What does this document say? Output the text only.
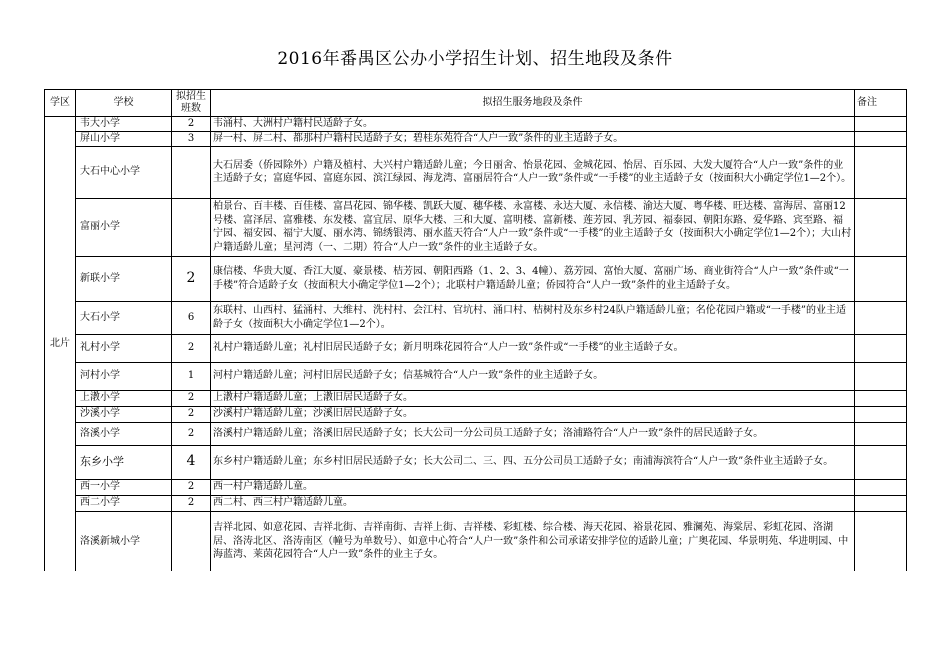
2016年番禺区公办小学招生计划、招生地段及条件
学区	学校	拟招生班数	拟招生服务地段及条件	备注
北片	韦大小学	2	韦涌村、大洲村户籍村民适龄子女。	
	屏山小学	3	屏一村、屏二村、都那村户籍村民适龄子女；碧桂东苑符合“人户一致”条件的业主适龄子女。	
	大石中心小学		大石居委（侨园除外）户籍及植村、大兴村户籍适龄儿童；今日丽舍、怡景花园、金城花园、怡居、百乐园、大发大厦符合“人户一致”条件的业主适龄子女；富庭华园、富庭东园、滨江绿园、海龙湾、富丽居符合“人户一致”条件或“一手楼”的业主适龄子女（按面积大小确定学位1—2个）。	
	富丽小学		柏景台、百丰楼、百佳楼、富昌花园、锦华楼、凯跃大厦、穗华楼、永富楼、永达大厦、永信楼、渝达大厦、粤华楼、旺达楼、富海居、富丽12号楼、富泽居、富雅楼、东发楼、富宜居、原华大楼、三和大厦、富明楼、富新楼、莲芳园、乳芳园、福泰园、朝阳东路、爱华路、宾至路、福宁园、福安园、福宁大厦、丽水湾、锦绣银湾、丽水蓝天符合“人户一致”条件或“一手楼”的业主适龄子女（按面积大小确定学位1—2个）；大山村户籍适龄儿童；星河湾（一、二期）符合“人户一致”条件的业主适龄子女。	
	新联小学	2	康信楼、华贵大厦、香江大厦、豪景楼、桔芳园、朝阳西路（1、2、3、4幢）、荔芳园、富怡大厦、富丽广场、商业街符合“人户一致”条件或“一手楼”符合适龄子女（按面积大小确定学位1—2个）；北联村户籍适龄儿童；侨园符合“人户一致”条件的业主适龄子女。	
	大石小学	6	东联村、山西村、猛涌村、大维村、洗村村、会江村、官坑村、涌口村、桔树村及东乡村24队户籍适龄儿童；名伦花园户籍或“一手楼”的业主适龄子女（按面积大小确定学位1—2个）。	
	礼村小学	2	礼村户籍适龄儿童；礼村旧居民适龄子女；新月明珠花园符合“人户一致”条件或“一手楼”的业主适龄子女。	
	河村小学	1	河村户籍适龄儿童；河村旧居民适龄子女；信基城符合“人户一致”条件的业主适龄子女。	
	上漖小学	2	上漖村户籍适龄儿童；上漖旧居民适龄子女。	
	沙溪小学	2	沙溪村户籍适龄儿童；沙溪旧居民适龄子女。	
	洛溪小学	2	洛溪村户籍适龄儿童；洛溪旧居民适龄子女；长大公司一分公司员工适龄子女；洛浦路符合“人户一致”条件的居民适龄子女。	
	东乡小学	4	东乡村户籍适龄儿童；东乡村旧居民适龄子女；长大公司二、三、四、五分公司员工适龄子女；南浦海滨符合“人户一致”条件业主适龄子女。	
	西一小学	2	西一村户籍适龄儿童。	
	西二小学	2	西二村、西三村户籍适龄儿童。	
	洛溪新城小学		吉祥北园、如意花园、吉祥北街、吉祥南街、吉祥上街、吉祥楼、彩虹楼、综合楼、海天花园、裕景花园、雅澜苑、海棠居、彩虹花园、洛湖居、洛涛北区、洛涛南区（幢号为单数号）、如意中心符合“人户一致”条件和公司承诺安排学位的适龄儿童；广奥花园、华景明苑、华进明园、中海蓝湾、莱茵花园符合“人户一致”条件的业主子女。	
